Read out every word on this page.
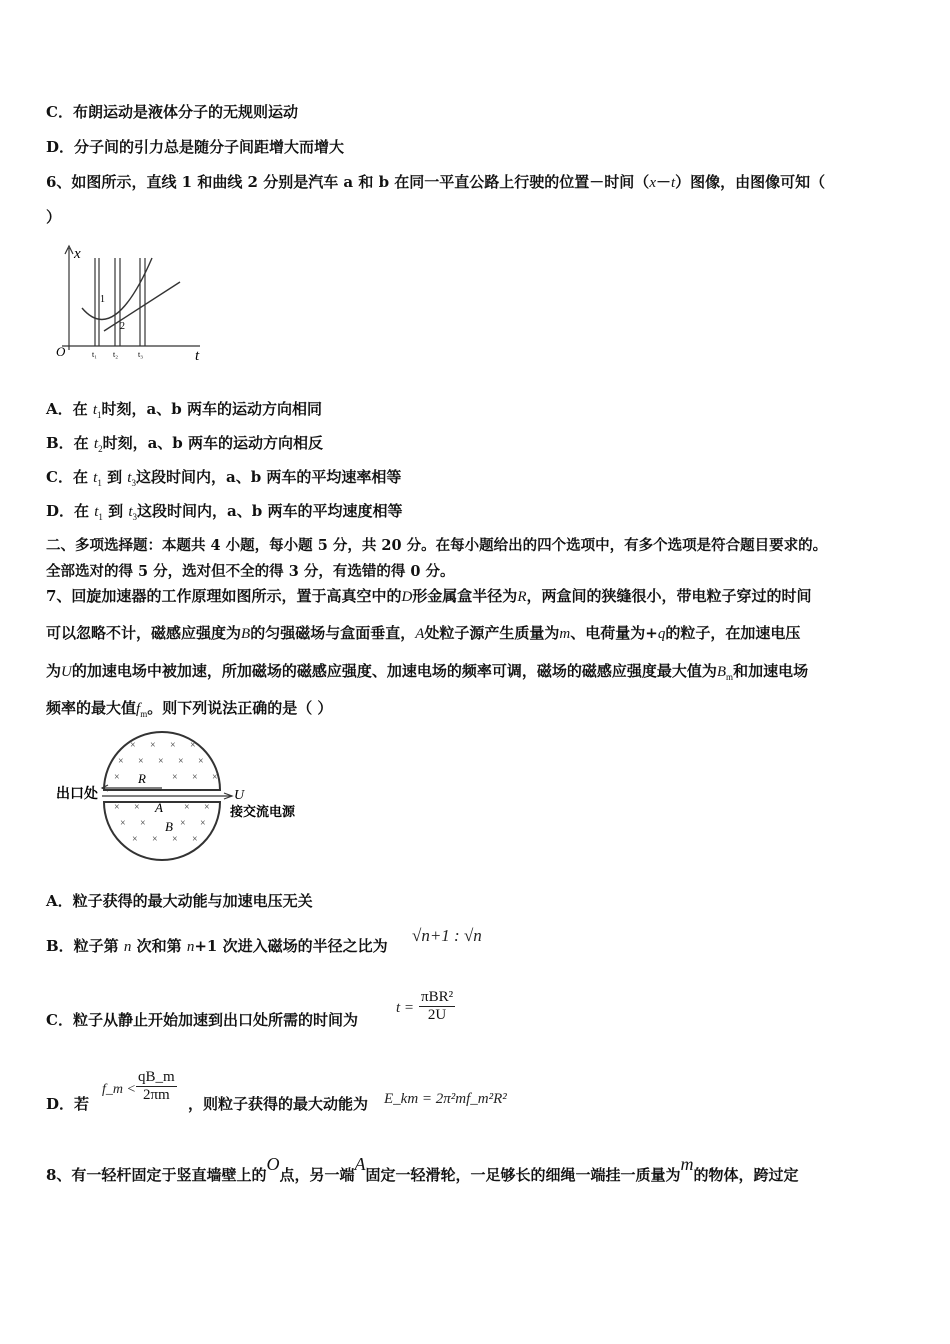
C．布朗运动是液体分子的无规则运动
D．分子间的引力总是随分子间距增大而增大
6、如图所示，直线 1 和曲线 2 分别是汽车 a 和 b 在同一平直公路上行驶的位置－时间（x－t）图像，由图像可知（
）
x
t
O	t₁ t₂ t₃
1
2
A．在 $t_1$时刻，a、b 两车的运动方向相同
B．在 $t_2$时刻，a、b 两车的运动方向相反
C．在 $t_1$ 到 $t_3$这段时间内，a、b 两车的平均速率相等
D．在 $t_1$ 到 $t_3$这段时间内，a、b 两车的平均速度相等
二、多项选择题：本题共 4 小题，每小题 5 分，共 20 分。在每小题给出的四个选项中，有多个选项是符合题目要求的。
全部选对的得 5 分，选对但不全的得 3 分，有选错的得 0 分。
7、回旋加速器的工作原理如图所示，置于高真空中的D形金属盒半径为R，两盒间的狭缝很小，带电粒子穿过的时间
可以忽略不计，磁感应强度为B的匀强磁场与盒面垂直，A处粒子源产生质量为m、电荷量为+q的粒子，在加速电压
为U的加速电场中被加速，所加磁场的磁感应强度、加速电场的频率可调，磁场的磁感应强度最大值为$B_m$和加速电场
频率的最大值$f_m$。则下列说法正确的是（ ）
× × × ×
× × × × ×
×	× × ×
× ×	× ×
× ×	× ×
× × × ×
出口处	U
接交流电源
R
A
B
A．粒子获得的最大动能与加速电压无关
B．粒子第 n 次和第 n+1 次进入磁场的半径之比为
√n+1 : √n
C．粒子从静止开始加速到出口处所需的时间为
t =
πBR²
2U
D．若
f_m < $\frac{qB\_m}{2\pi m}$ ，则粒子获得的最大动能为 E_km = 2π²mf_m²R²
8、有一轻杆固定于竖直墙壁上的O点，另一端A固定一轻滑轮，一足够长的细绳一端挂一质量为m的物体，跨过定
